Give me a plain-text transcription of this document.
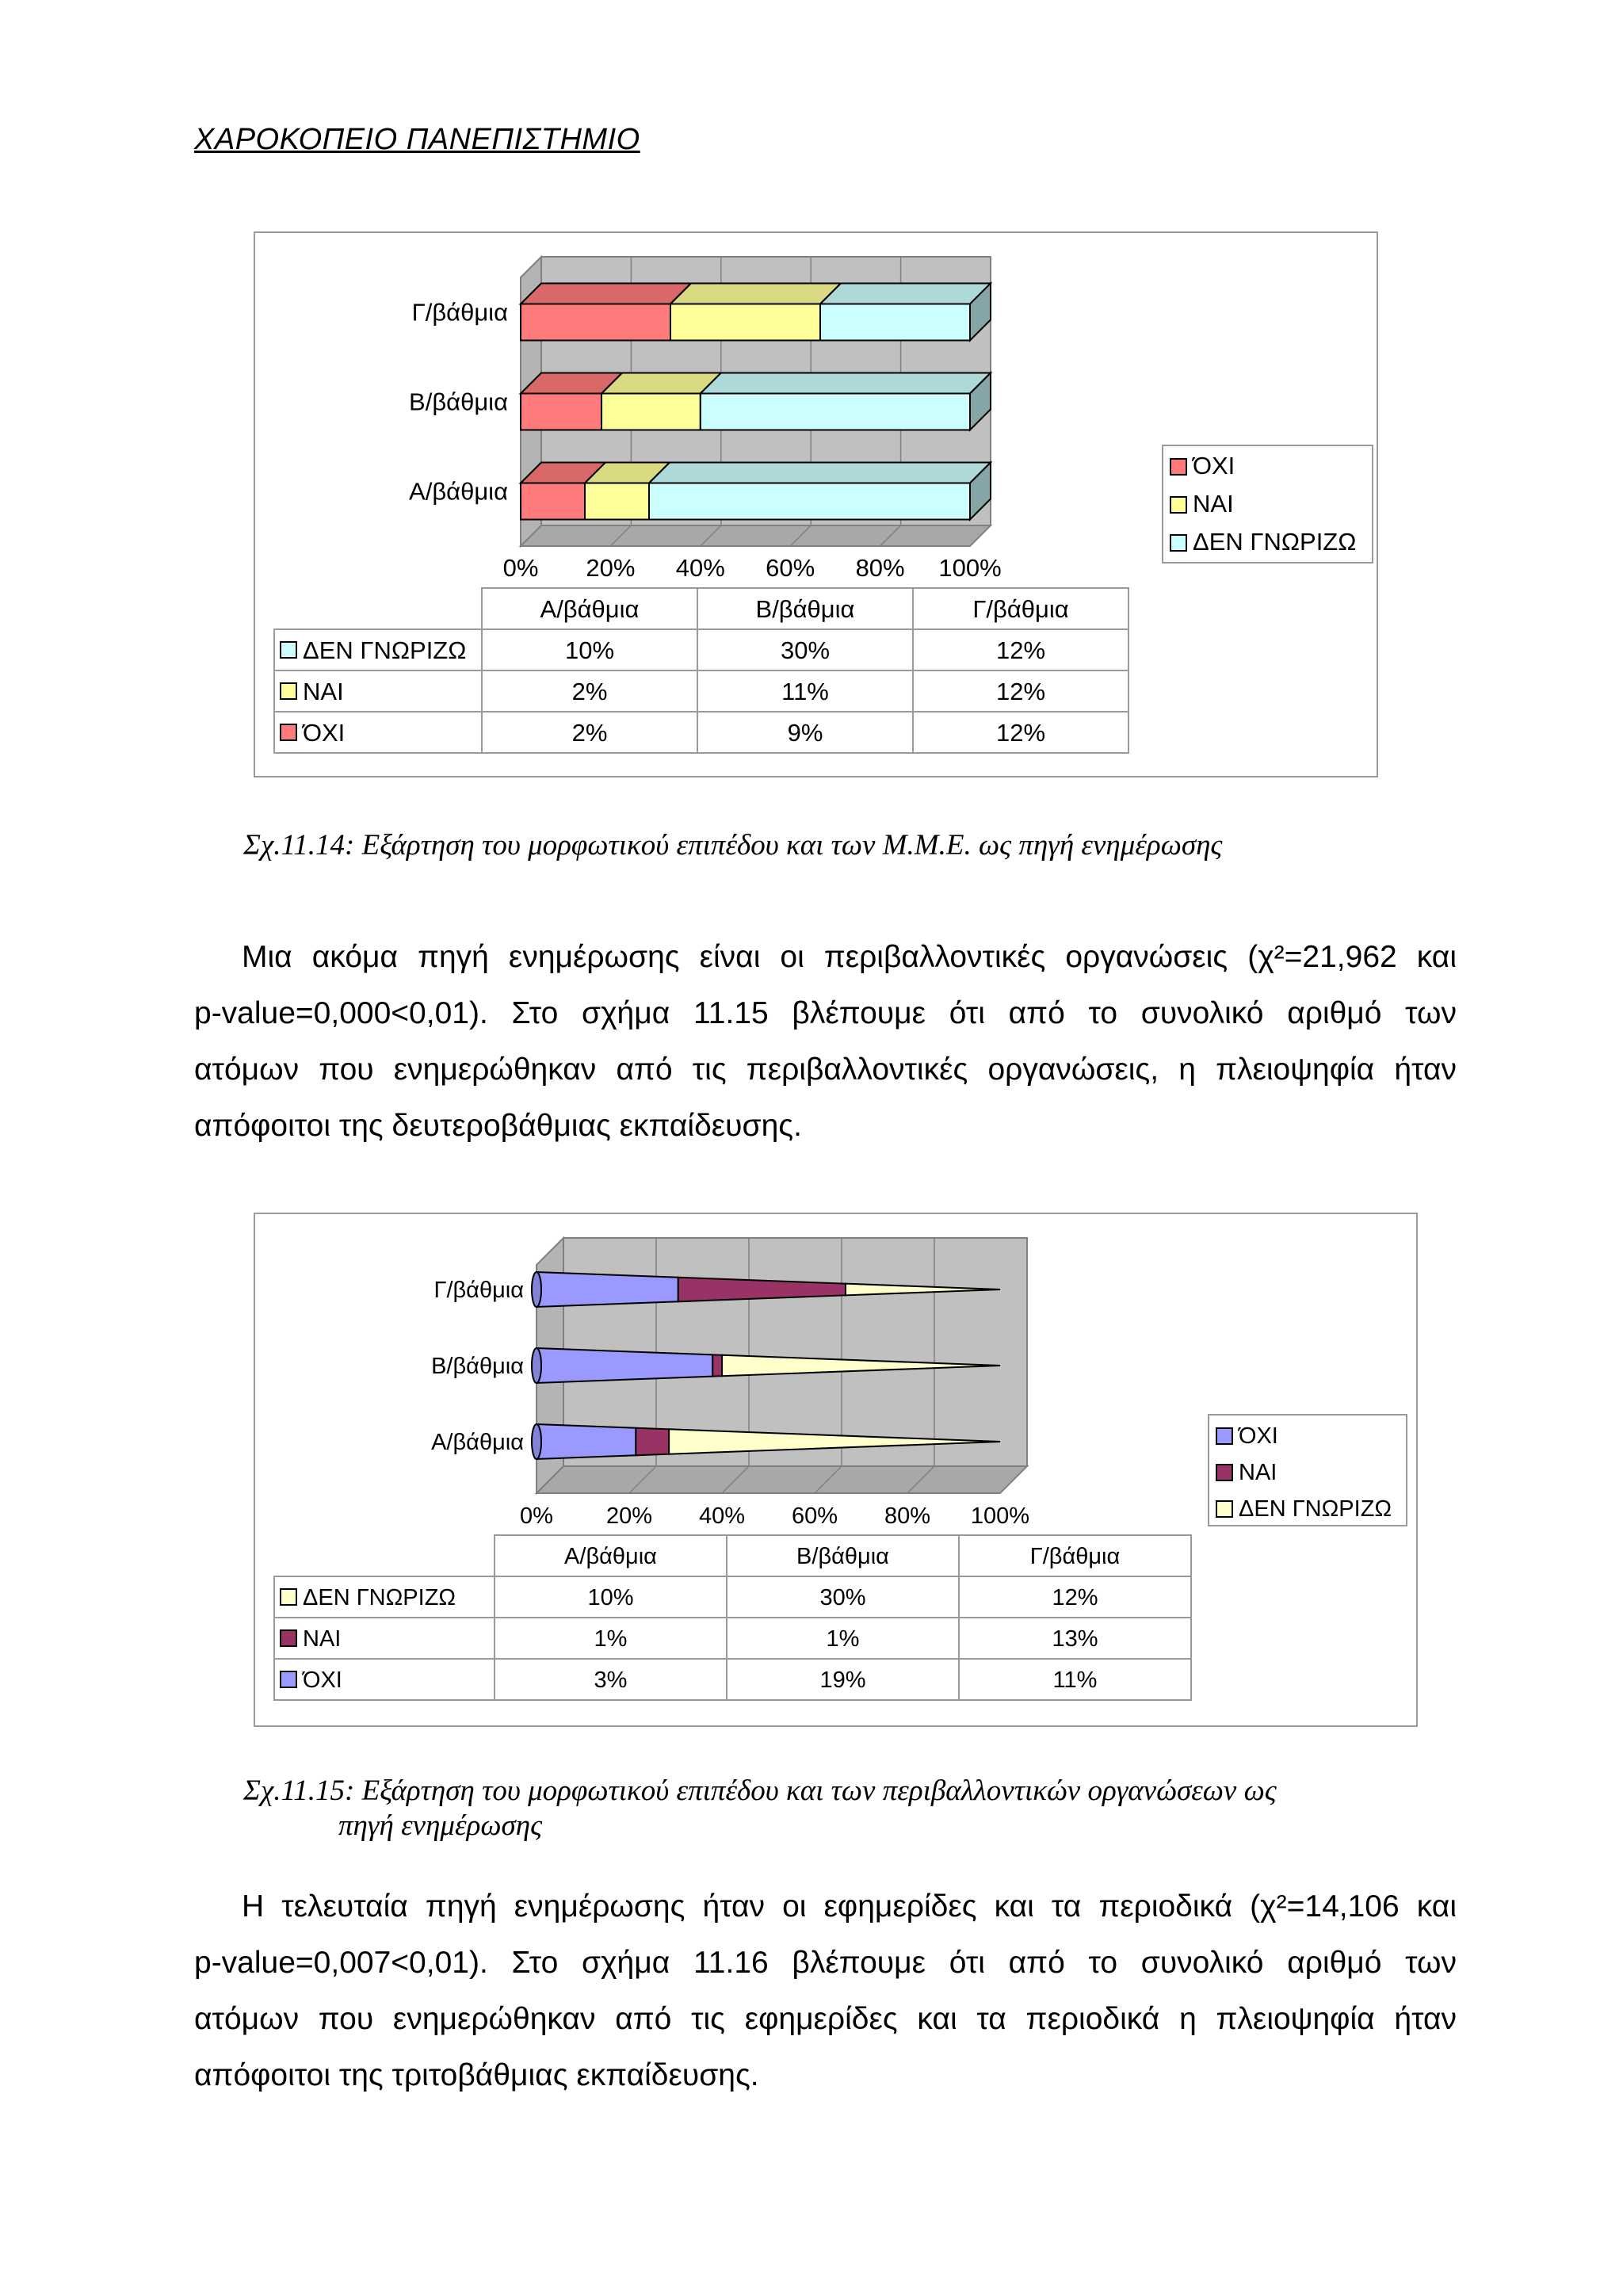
ΧΑΡΟΚΟΠΕΙΟ ΠΑΝΕΠΙΣΤΗΜΙΟ
0% 20% 40% 60% 80% 100%
Α/βάθμια
Β/βάθμια
Γ/βάθμια
ΌΧΙ
ΝΑΙ
ΔΕΝ ΓΝΩΡΙΖΩ
Α/βάθμια	Β/βάθμια	Γ/βάθμια
ΔΕΝ ΓΝΩΡΙΖΩ	10%	30%	12%
ΝΑΙ	2%	11%	12%
ΌΧΙ	2%	9%	12%
Σχ.11.14: Εξάρτηση του μορφωτικού επιπέδου και των Μ.Μ.Ε. ως πηγή ενημέρωσης
Μια ακόμα πηγή ενημέρωσης είναι οι περιβαλλοντικές οργανώσεις (χ²=21,962 και
p-value=0,000<0,01). Στο σχήμα 11.15 βλέπουμε ότι από το συνολικό αριθμό των
ατόμων που ενημερώθηκαν από τις περιβαλλοντικές οργανώσεις, η πλειοψηφία ήταν
απόφοιτοι της δευτεροβάθμιας εκπαίδευσης.
0% 20% 40% 60% 80% 100%
Α/βάθμια
Β/βάθμια
Γ/βάθμια
ΌΧΙ
ΝΑΙ
ΔΕΝ ΓΝΩΡΙΖΩ
Α/βάθμια	Β/βάθμια	Γ/βάθμια
ΔΕΝ ΓΝΩΡΙΖΩ	10%	30%	12%
ΝΑΙ	1%	1%	13%
ΌΧΙ	3%	19%	11%
Σχ.11.15: Εξάρτηση του μορφωτικού επιπέδου και των περιβαλλοντικών οργανώσεων ως
πηγή ενημέρωσης
Η τελευταία πηγή ενημέρωσης ήταν οι εφημερίδες και τα περιοδικά (χ²=14,106 και
p-value=0,007<0,01). Στο σχήμα 11.16 βλέπουμε ότι από το συνολικό αριθμό των
ατόμων που ενημερώθηκαν από τις εφημερίδες και τα περιοδικά η πλειοψηφία ήταν
απόφοιτοι της τριτοβάθμιας εκπαίδευσης.
